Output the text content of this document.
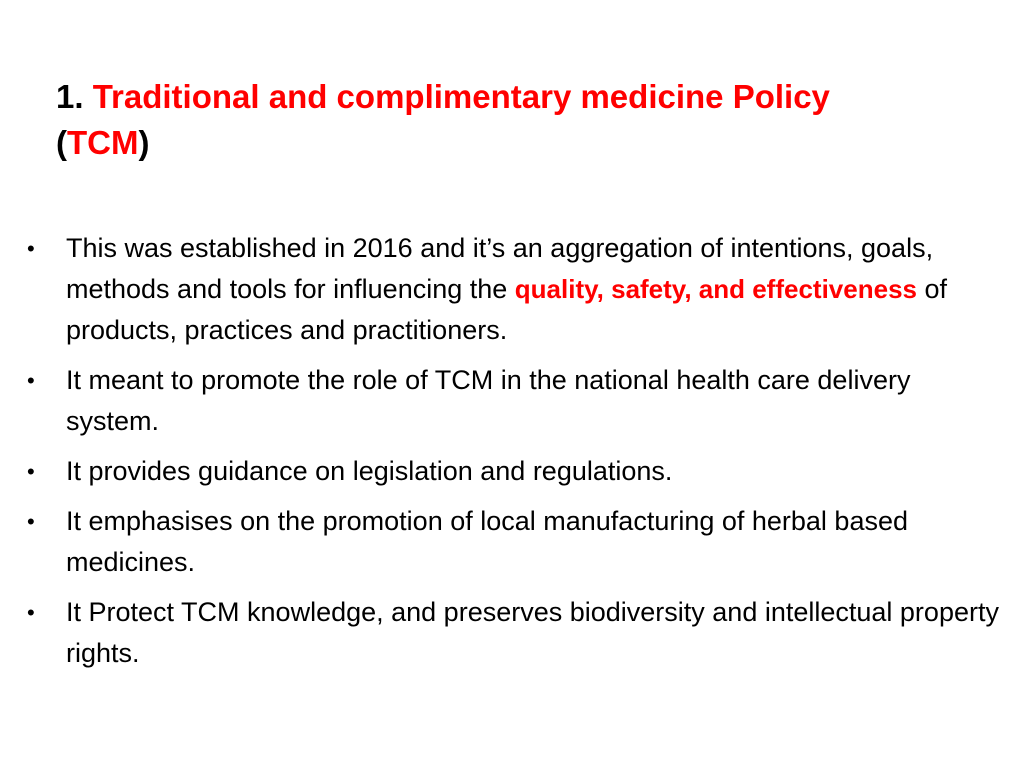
1. Traditional and complimentary medicine Policy
(TCM)
• This was established in 2016 and it’s an aggregation of intentions, goals, methods and tools for influencing the quality, safety, and effectiveness of products, practices and practitioners.
• It meant to promote the role of TCM in the national health care delivery system.
• It provides guidance on legislation and regulations.
• It emphasises on the promotion of local manufacturing of herbal based medicines.
• It Protect TCM knowledge, and preserves biodiversity and intellectual property rights.
